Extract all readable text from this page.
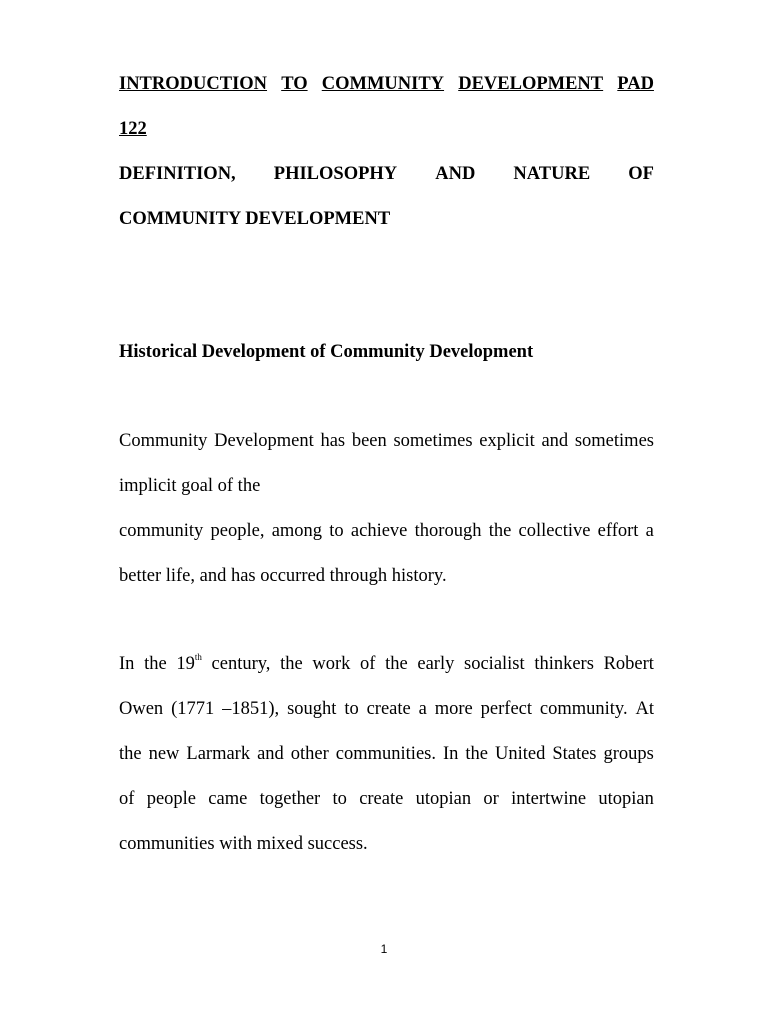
INTRODUCTION TO COMMUNITY DEVELOPMENT PAD
122
DEFINITION, PHILOSOPHY AND NATURE OF
COMMUNITY DEVELOPMENT
Historical Development of Community Development
Community Development has been sometimes explicit and sometimes
implicit goal of the
community people, among to achieve thorough the collective effort a
better life, and has occurred through history.
In the 19th century, the work of the early socialist thinkers Robert
Owen (1771 –1851), sought to create a more perfect community. At
the new Larmark and other communities. In the United States groups
of people came together to create utopian or intertwine utopian
communities with mixed success.
1
